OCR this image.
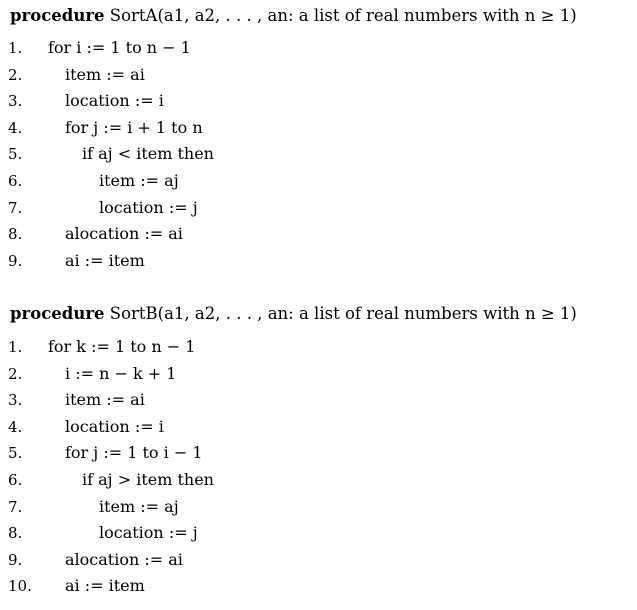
procedure SortA(a1, a2, . . . , an: a list of real numbers with n ≥ 1)
1.	for i := 1 to n − 1
2.	item := ai
3.	location := i
4.	for j := i + 1 to n
5.	if aj < item then
6.	item := aj
7.	location := j
8.	alocation := ai
9.	ai := item
procedure SortB(a1, a2, . . . , an: a list of real numbers with n ≥ 1)
1.	for k := 1 to n − 1
2.	i := n − k + 1
3.	item := ai
4.	location := i
5.	for j := 1 to i − 1
6.	if aj > item then
7.	item := aj
8.	location := j
9.	alocation := ai
10.	ai := item
